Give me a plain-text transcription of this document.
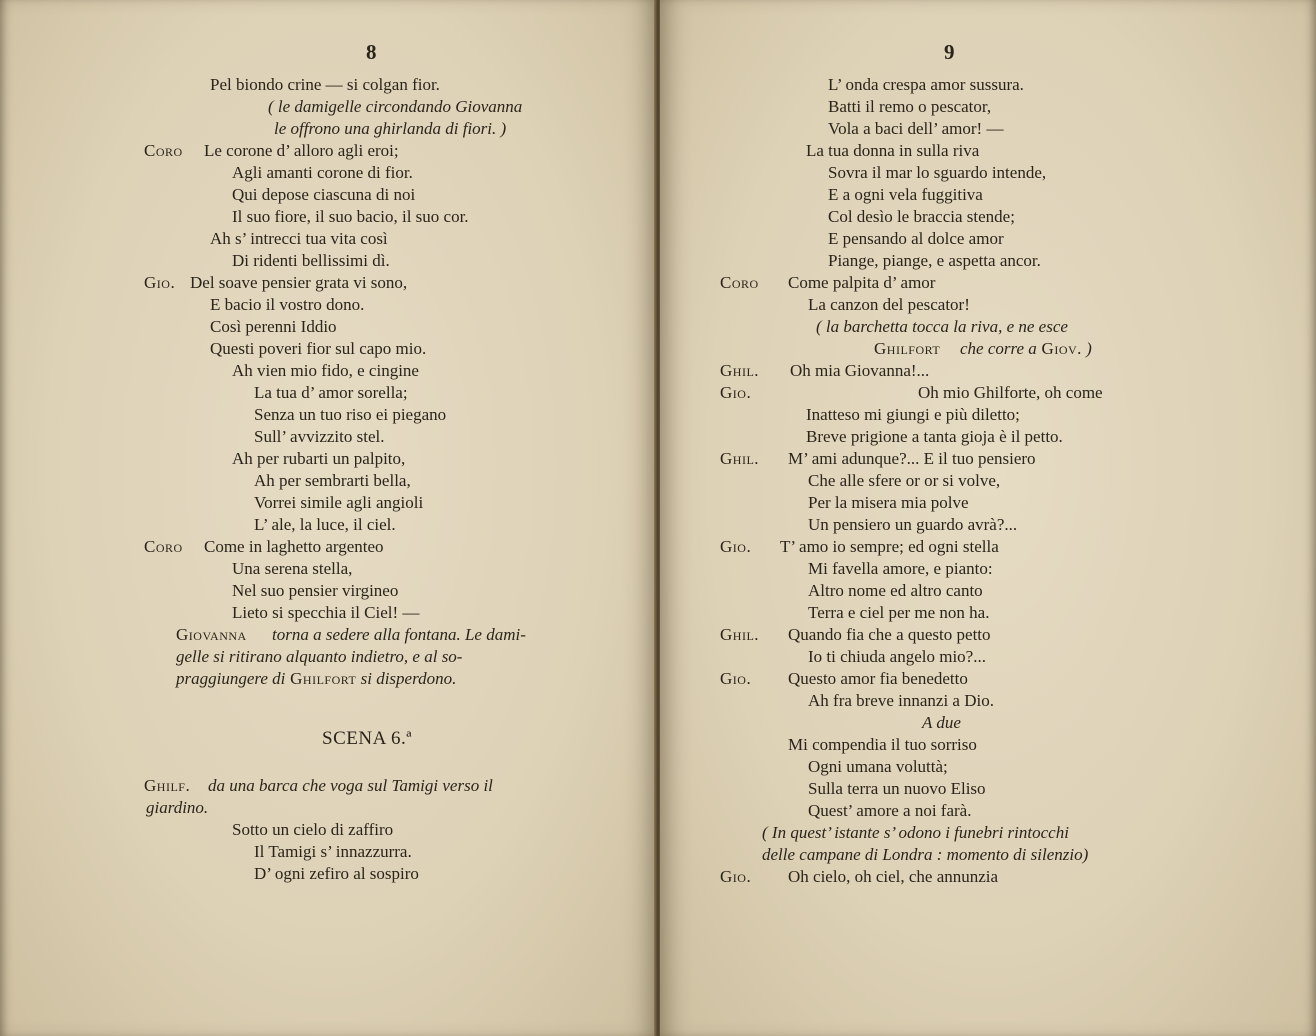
8
Pel biondo crine — si colgan fior.
( le damigelle circondando Giovanna
le offrono una ghirlanda di fiori. )
Coro Le corone d’ alloro agli eroi;
Agli amanti corone di fior.
Qui depose ciascuna di noi
Il suo fiore, il suo bacio, il suo cor.
Ah s’ intrecci tua vita così
Di ridenti bellissimi dì.
Gio. Del soave pensier grata vi sono,
E bacio il vostro dono.
Così perenni Iddio
Questi poveri fior sul capo mio.
Ah vien mio fido, e cingine
La tua d’ amor sorella;
Senza un tuo riso ei piegano
Sull’ avvizzito stel.
Ah per rubarti un palpito,
Ah per sembrarti bella,
Vorrei simile agli angioli
L’ ale, la luce, il ciel.
Coro Come in laghetto argenteo
Una serena stella,
Nel suo pensier virgineo
Lieto si specchia il Ciel! —
Giovanna torna a sedere alla fontana. Le dami-
gelle si ritirano alquanto indietro, e al so-
praggiungere di Ghilfort si disperdono.
SCENA 6.ª
Ghilf. da una barca che voga sul Tamigi verso il
giardino.
Sotto un cielo di zaffiro
Il Tamigi s’ innazzurra.
D’ ogni zefiro al sospiro
9
L’ onda crespa amor sussura.
Batti il remo o pescator,
Vola a baci dell’ amor! —
La tua donna in sulla riva
Sovra il mar lo sguardo intende,
E a ogni vela fuggitiva
Col desìo le braccia stende;
E pensando al dolce amor
Piange, piange, e aspetta ancor.
Coro Come palpita d’ amor
La canzon del pescator!
( la barchetta tocca la riva, e ne esce
Ghilfort che corre a Giov. )
Ghil. Oh mia Giovanna!...
Gio.	Oh mio Ghilforte, oh come
Inatteso mi giungi e più diletto;
Breve prigione a tanta gioja è il petto.
Ghil. M’ ami adunque?... E il tuo pensiero
Che alle sfere or or si volve,
Per la misera mia polve
Un pensiero un guardo avrà?...
Gio. T’ amo io sempre; ed ogni stella
Mi favella amore, e pianto:
Altro nome ed altro canto
Terra e ciel per me non ha.
Ghil. Quando fia che a questo petto
Io ti chiuda angelo mio?...
Gio. Questo amor fia benedetto
Ah fra breve innanzi a Dio.
A due
Mi compendia il tuo sorriso
Ogni umana voluttà;
Sulla terra un nuovo Eliso
Quest’ amore a noi farà.
( In quest’ istante s’ odono i funebri rintocchi
delle campane di Londra : momento di silenzio)
Gio. Oh cielo, oh ciel, che annunzia
